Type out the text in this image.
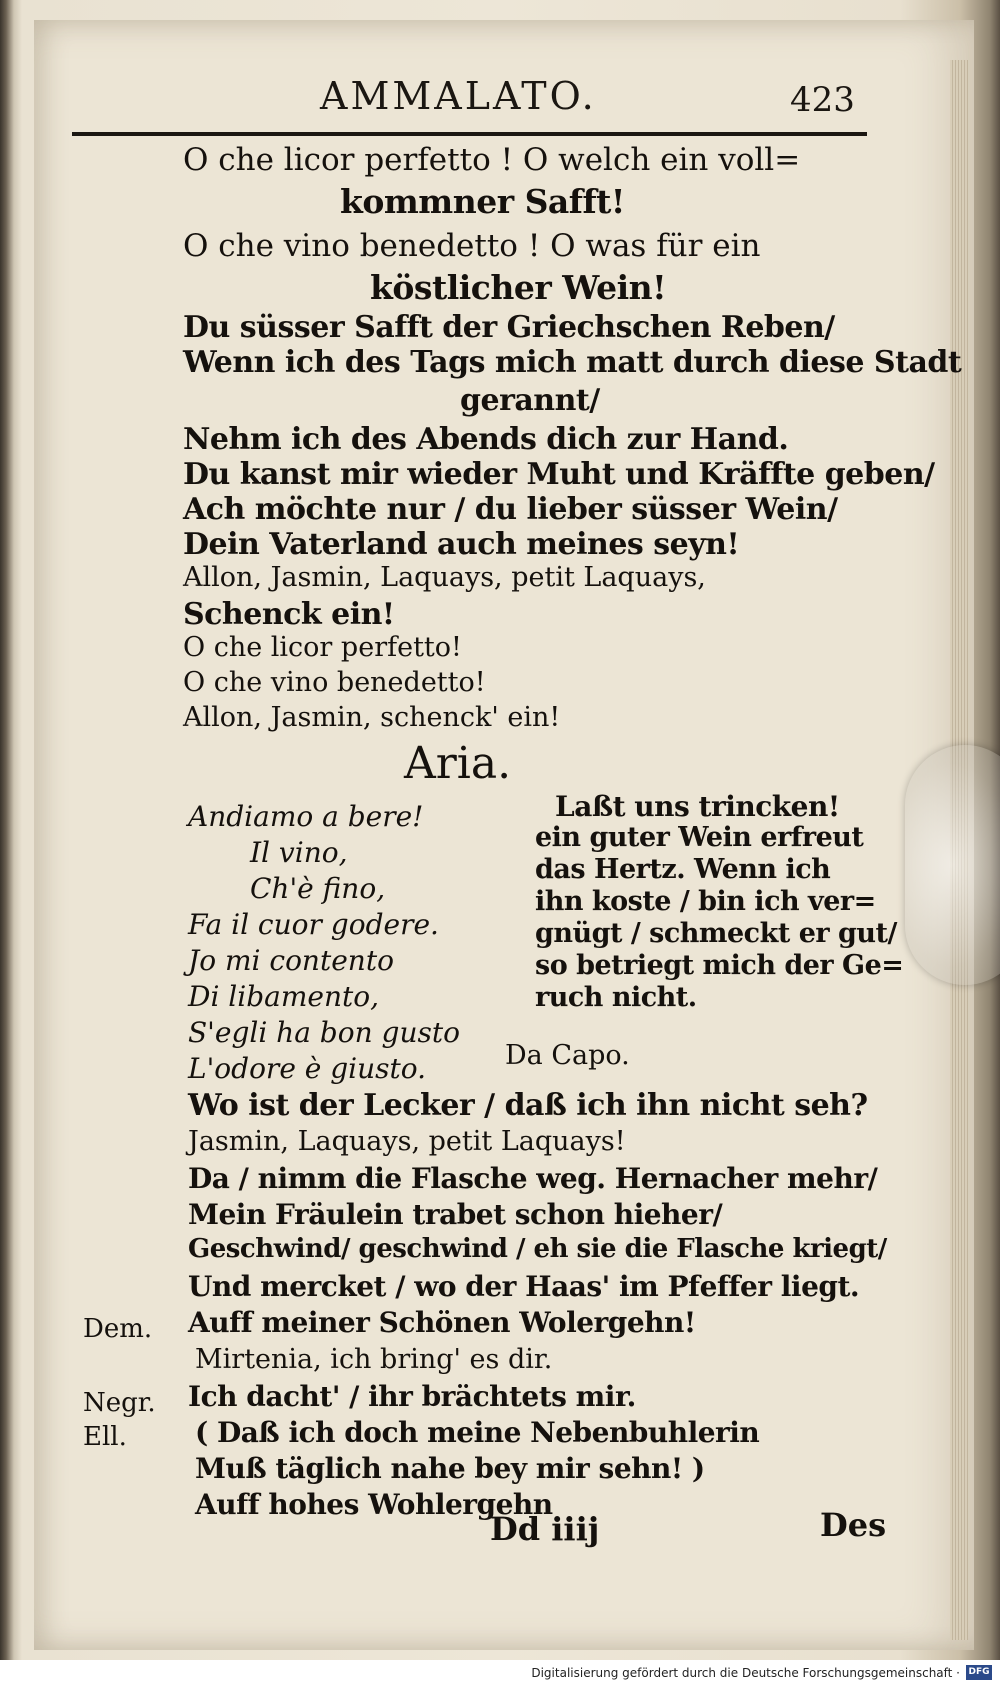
AMMALATO.	423
O che licor perfetto ! O welch ein voll=
kommner Safft!
O che vino benedetto ! O was für ein
köstlicher Wein!
Du süsser Safft der Griechschen Reben/
Wenn ich des Tags mich matt durch diese Stadt
gerannt/
Nehm ich des Abends dich zur Hand.
Du kanst mir wieder Muht und Kräffte geben/
Ach möchte nur / du lieber süsser Wein/
Dein Vaterland auch meines seyn!
Allon, Jasmin, Laquays, petit Laquays,
Schenck ein!
O che licor perfetto!
O che vino benedetto!
Allon, Jasmin, schenck' ein!
Aria.
Andiamo a bere!
Il vino,
Ch'è fino,
Fa il cuor godere.
Jo mi contento
Di libamento,
S'egli ha bon gusto
L'odore è giusto.
Laßt uns trincken!
ein guter Wein erfreut
das Hertz. Wenn ich
ihn koste / bin ich ver=
gnügt / schmeckt er gut/
so betriegt mich der Ge=
ruch nicht.
Da Capo.
Wo ist der Lecker / daß ich ihn nicht seh?
Jasmin, Laquays, petit Laquays!
Da / nimm die Flasche weg. Hernacher mehr/
Mein Fräulein trabet schon hieher/
Geschwind/ geschwind / eh sie die Flasche kriegt/
Und mercket / wo der Haas' im Pfeffer liegt.
Auff meiner Schönen Wolergehn!
Mirtenia, ich bring' es dir.
Ich dacht' / ihr brächtets mir.
( Daß ich doch meine Nebenbuhlerin
Muß täglich nahe bey mir sehn! )
Auff hohes Wohlergehn
Dem.
Negr.
Ell.
Dd iiij	Des
Digitalisierung gefördert durch die Deutsche Forschungsgemeinschaft · DFG
